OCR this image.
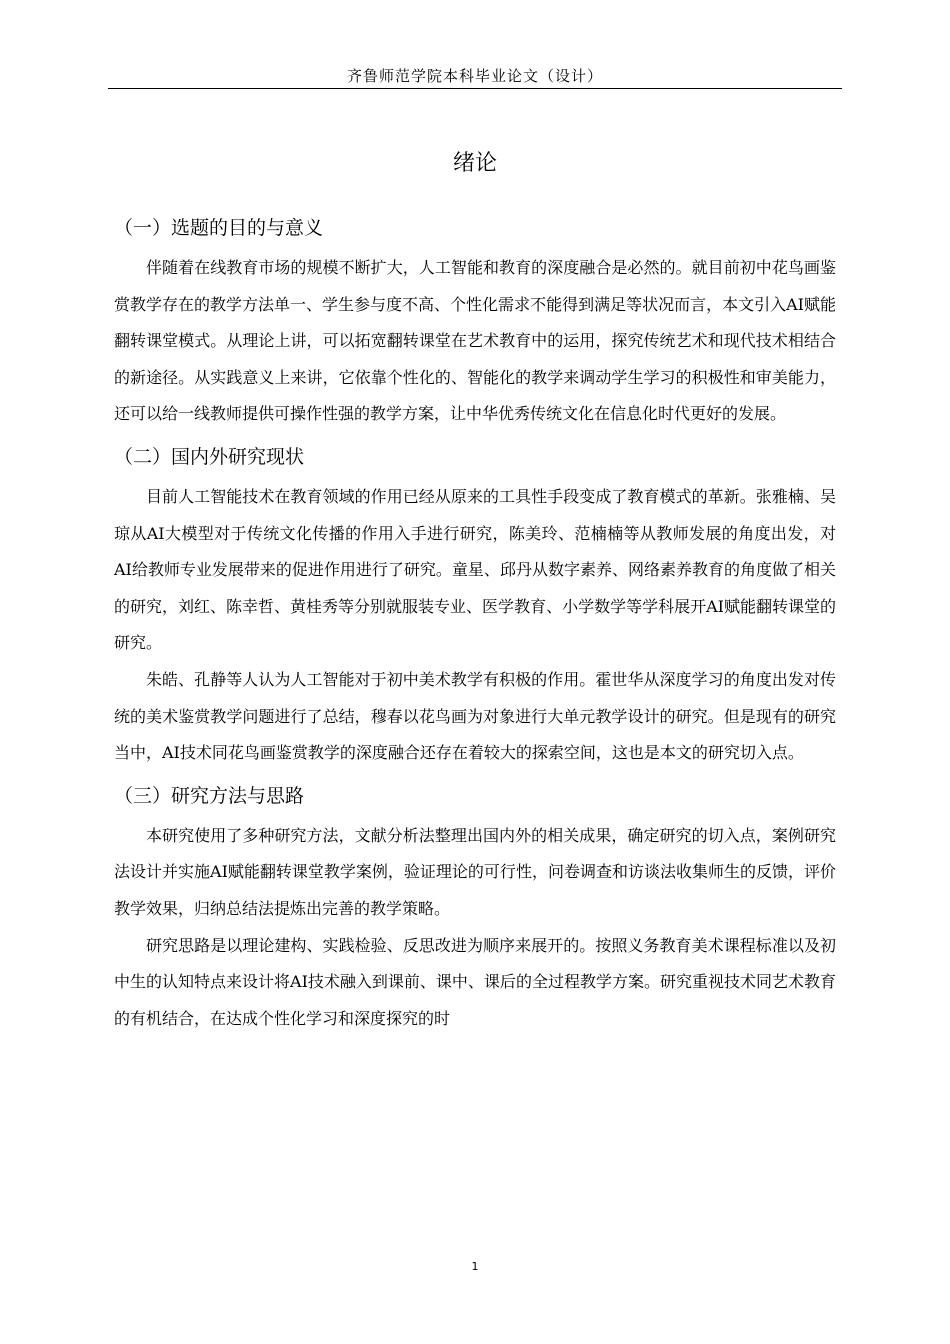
齐鲁师范学院本科毕业论文（设计）
绪论
（一）选题的目的与意义

伴随着在线教育市场的规模不断扩大，人工智能和教育的深度融合是必然的。就目前初中花鸟画鉴赏教学存在的教学方法单一、学生参与度不高、个性化需求不能得到满足等状况而言，本文引入AI赋能翻转课堂模式。从理论上讲，可以拓宽翻转课堂在艺术教育中的运用，探究传统艺术和现代技术相结合的新途径。从实践意义上来讲，它依靠个性化的、智能化的教学来调动学生学习的积极性和审美能力，还可以给一线教师提供可操作性强的教学方案，让中华优秀传统文化在信息化时代更好的发展。

（二）国内外研究现状

目前人工智能技术在教育领域的作用已经从原来的工具性手段变成了教育模式的革新。张雅楠、吴琼从AI大模型对于传统文化传播的作用入手进行研究，陈美玲、范楠楠等从教师发展的角度出发，对AI给教师专业发展带来的促进作用进行了研究。童星、邱丹从数字素养、网络素养教育的角度做了相关的研究，刘红、陈幸哲、黄桂秀等分别就服装专业、医学教育、小学数学等学科展开AI赋能翻转课堂的研究。

朱皓、孔静等人认为人工智能对于初中美术教学有积极的作用。霍世华从深度学习的角度出发对传统的美术鉴赏教学问题进行了总结，穆春以花鸟画为对象进行大单元教学设计的研究。但是现有的研究当中，AI技术同花鸟画鉴赏教学的深度融合还存在着较大的探索空间，这也是本文的研究切入点。

（三）研究方法与思路

本研究使用了多种研究方法，文献分析法整理出国内外的相关成果，确定研究的切入点，案例研究法设计并实施AI赋能翻转课堂教学案例，验证理论的可行性，问卷调查和访谈法收集师生的反馈，评价教学效果，归纳总结法提炼出完善的教学策略。

研究思路是以理论建构、实践检验、反思改进为顺序来展开的。按照义务教育美术课程标准以及初中生的认知特点来设计将AI技术融入到课前、课中、课后的全过程教学方案。研究重视技术同艺术教育的有机结合，在达成个性化学习和深度探究的时

1
